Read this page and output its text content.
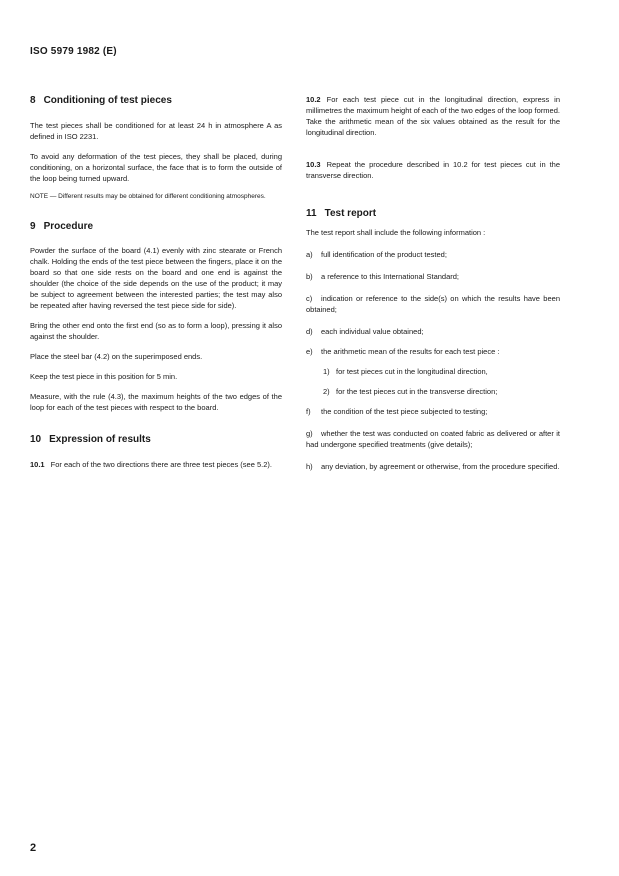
ISO 5979 1982 (E)
8 Conditioning of test pieces

The test pieces shall be conditioned for at least 24 h in atmosphere A as defined in ISO 2231.

To avoid any deformation of the test pieces, they shall be placed, during conditioning, on a horizontal surface, the face that is to form the outside of the loop being turned upward.

NOTE — Different results may be obtained for different conditioning atmospheres.

9 Procedure

Powder the surface of the board (4.1) evenly with zinc stearate or French chalk. Holding the ends of the test piece between the fingers, place it on the board so that one side rests on the board and one end is against the shoulder (the choice of the side depends on the use of the product; it may be subject to agreement between the interested parties; the test may also be repeated after having reversed the test piece side for side).

Bring the other end onto the first end (so as to form a loop), pressing it also against the shoulder.

Place the steel bar (4.2) on the superimposed ends.

Keep the test piece in this position for 5 min.

Measure, with the rule (4.3), the maximum heights of the two edges of the loop for each of the test pieces with respect to the board.

10 Expression of results

10.1 For each of the two directions there are three test pieces (see 5.2).

10.2 For each test piece cut in the longitudinal direction, express in millimetres the maximum height of each of the two edges of the loop formed. Take the arithmetic mean of the six values obtained as the result for the longitudinal direction.

10.3 Repeat the procedure described in 10.2 for test pieces cut in the transverse direction.

11 Test report

The test report shall include the following information :

a) full identification of the product tested;

b) a reference to this International Standard;

c) indication or reference to the side(s) on which the results have been obtained;

d) each individual value obtained;

e) the arithmetic mean of the results for each test piece :

1) for test pieces cut in the longitudinal direction,

2) for the test pieces cut in the transverse direction;

f) the condition of the test piece subjected to testing;

g) whether the test was conducted on coated fabric as delivered or after it had undergone specified treatments (give details);

h) any deviation, by agreement or otherwise, from the procedure specified.

2
